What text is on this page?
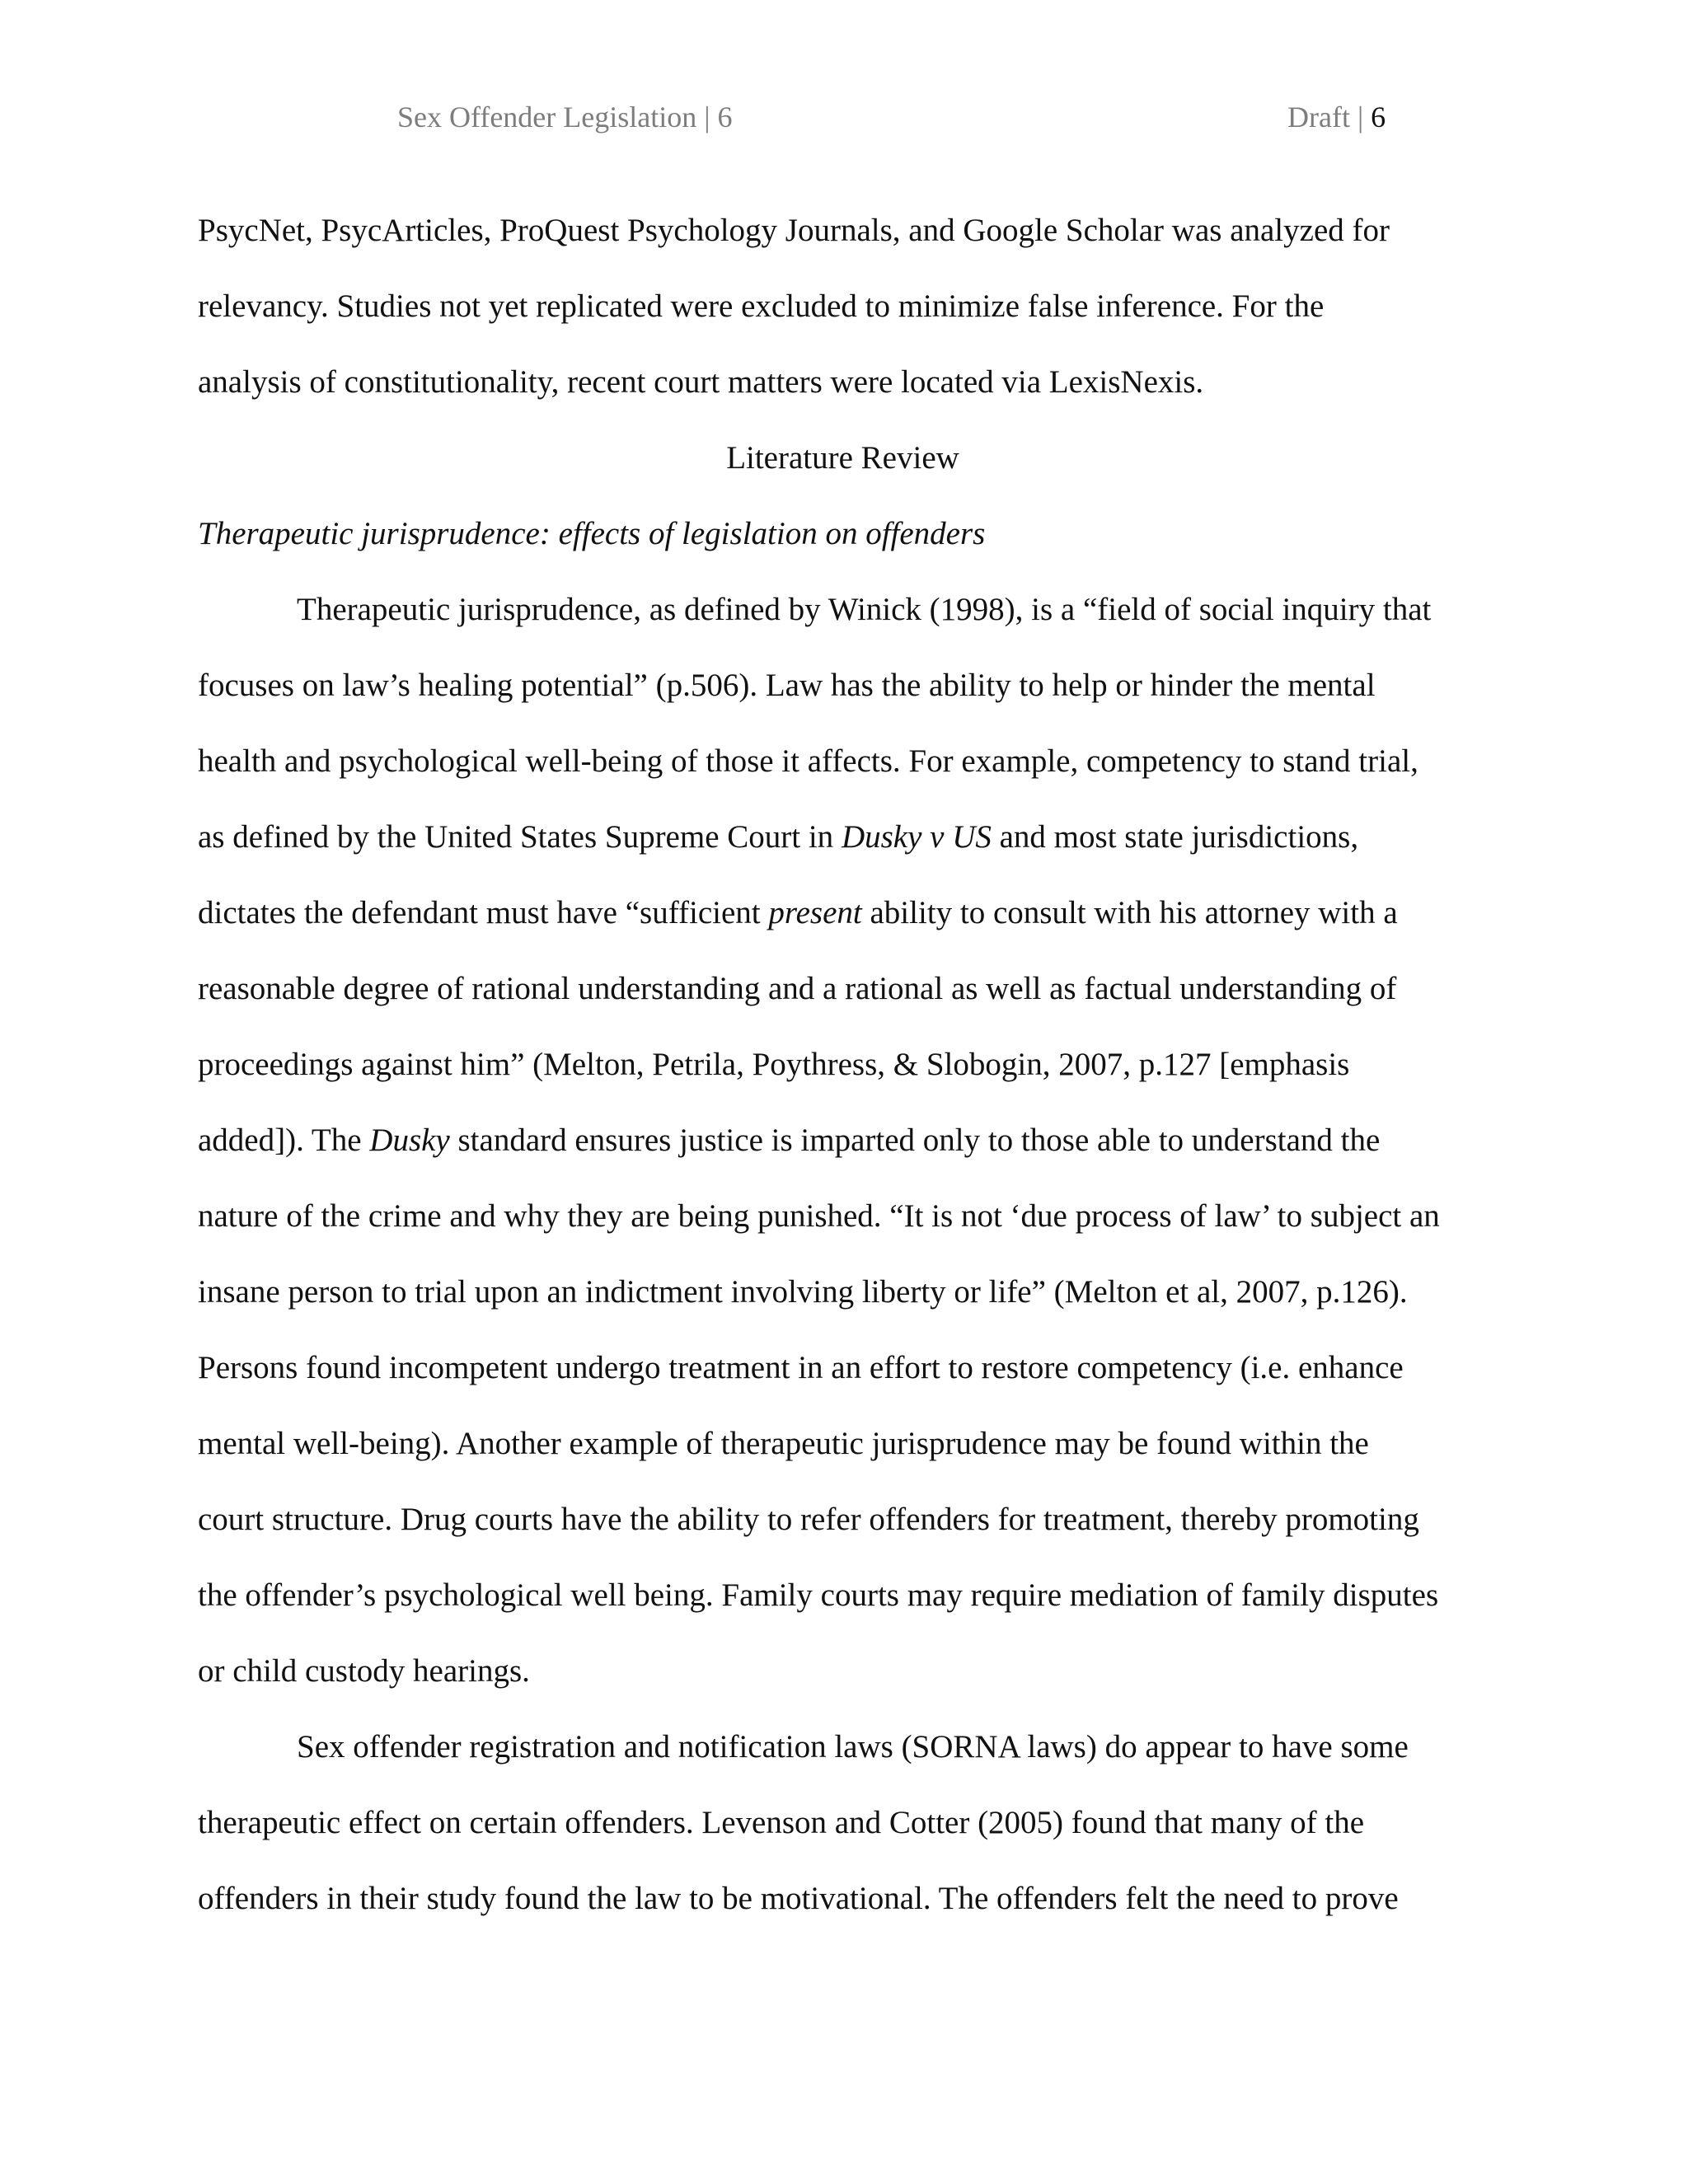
Sex Offender Legislation | 6	Draft | 6
PsycNet, PsycArticles, ProQuest Psychology Journals, and Google Scholar was analyzed for
relevancy. Studies not yet replicated were excluded to minimize false inference. For the
analysis of constitutionality, recent court matters were located via LexisNexis.
Literature Review
Therapeutic jurisprudence: effects of legislation on offenders
Therapeutic jurisprudence, as defined by Winick (1998), is a “field of social inquiry that
focuses on law’s healing potential” (p.506). Law has the ability to help or hinder the mental
health and psychological well-being of those it affects. For example, competency to stand trial,
as defined by the United States Supreme Court in Dusky v US and most state jurisdictions,
dictates the defendant must have “sufficient present ability to consult with his attorney with a
reasonable degree of rational understanding and a rational as well as factual understanding of
proceedings against him” (Melton, Petrila, Poythress, & Slobogin, 2007, p.127 [emphasis
added]). The Dusky standard ensures justice is imparted only to those able to understand the
nature of the crime and why they are being punished. “It is not ‘due process of law’ to subject an
insane person to trial upon an indictment involving liberty or life” (Melton et al, 2007, p.126).
Persons found incompetent undergo treatment in an effort to restore competency (i.e. enhance
mental well-being). Another example of therapeutic jurisprudence may be found within the
court structure. Drug courts have the ability to refer offenders for treatment, thereby promoting
the offender’s psychological well being. Family courts may require mediation of family disputes
or child custody hearings.
Sex offender registration and notification laws (SORNA laws) do appear to have some
therapeutic effect on certain offenders. Levenson and Cotter (2005) found that many of the
offenders in their study found the law to be motivational. The offenders felt the need to prove
